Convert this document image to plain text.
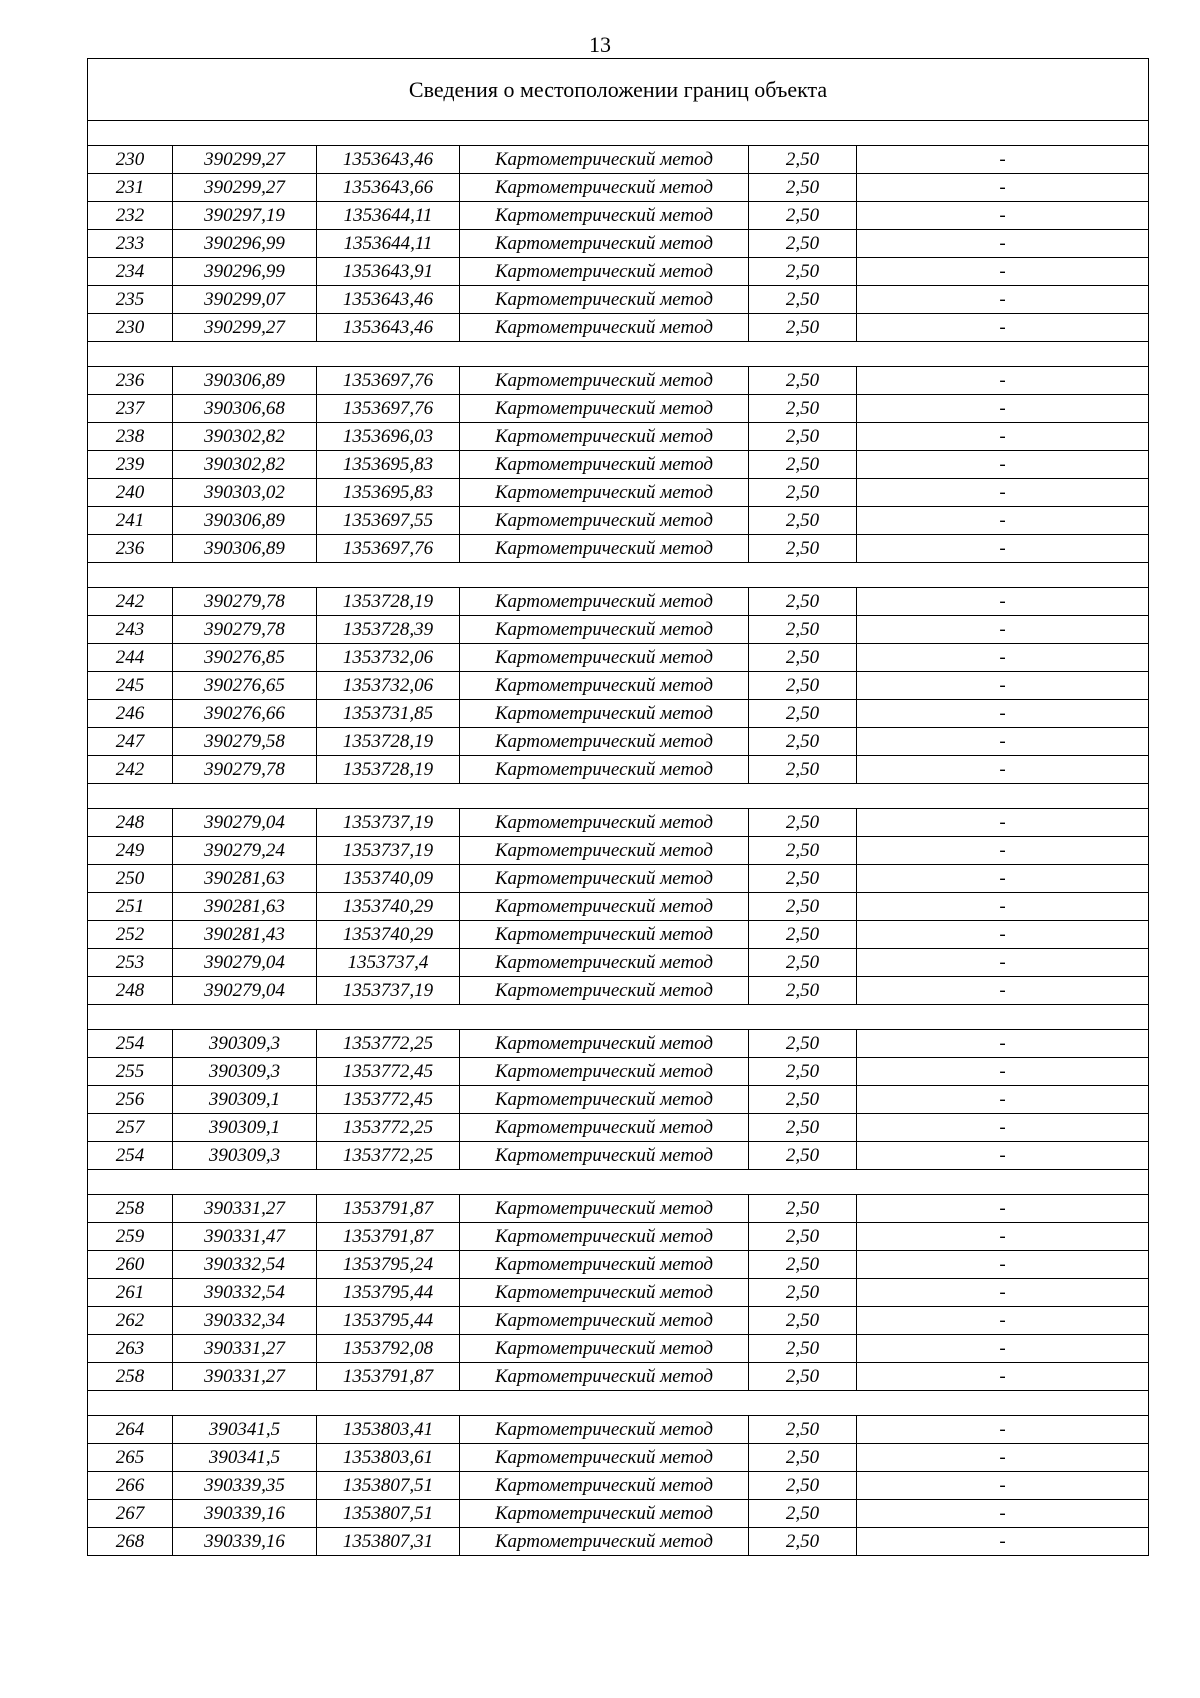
13
Сведения о местоположении границ объекта					

230	390299,27	1353643,46	Картометрический метод	2,50	-
231	390299,27	1353643,66	Картометрический метод	2,50	-
232	390297,19	1353644,11	Картометрический метод	2,50	-
233	390296,99	1353644,11	Картометрический метод	2,50	-
234	390296,99	1353643,91	Картометрический метод	2,50	-
235	390299,07	1353643,46	Картометрический метод	2,50	-
230	390299,27	1353643,46	Картометрический метод	2,50	-

236	390306,89	1353697,76	Картометрический метод	2,50	-
237	390306,68	1353697,76	Картометрический метод	2,50	-
238	390302,82	1353696,03	Картометрический метод	2,50	-
239	390302,82	1353695,83	Картометрический метод	2,50	-
240	390303,02	1353695,83	Картометрический метод	2,50	-
241	390306,89	1353697,55	Картометрический метод	2,50	-
236	390306,89	1353697,76	Картометрический метод	2,50	-

242	390279,78	1353728,19	Картометрический метод	2,50	-
243	390279,78	1353728,39	Картометрический метод	2,50	-
244	390276,85	1353732,06	Картометрический метод	2,50	-
245	390276,65	1353732,06	Картометрический метод	2,50	-
246	390276,66	1353731,85	Картометрический метод	2,50	-
247	390279,58	1353728,19	Картометрический метод	2,50	-
242	390279,78	1353728,19	Картометрический метод	2,50	-

248	390279,04	1353737,19	Картометрический метод	2,50	-
249	390279,24	1353737,19	Картометрический метод	2,50	-
250	390281,63	1353740,09	Картометрический метод	2,50	-
251	390281,63	1353740,29	Картометрический метод	2,50	-
252	390281,43	1353740,29	Картометрический метод	2,50	-
253	390279,04	1353737,4	Картометрический метод	2,50	-
248	390279,04	1353737,19	Картометрический метод	2,50	-

254	390309,3	1353772,25	Картометрический метод	2,50	-
255	390309,3	1353772,45	Картометрический метод	2,50	-
256	390309,1	1353772,45	Картометрический метод	2,50	-
257	390309,1	1353772,25	Картометрический метод	2,50	-
254	390309,3	1353772,25	Картометрический метод	2,50	-

258	390331,27	1353791,87	Картометрический метод	2,50	-
259	390331,47	1353791,87	Картометрический метод	2,50	-
260	390332,54	1353795,24	Картометрический метод	2,50	-
261	390332,54	1353795,44	Картометрический метод	2,50	-
262	390332,34	1353795,44	Картометрический метод	2,50	-
263	390331,27	1353792,08	Картометрический метод	2,50	-
258	390331,27	1353791,87	Картометрический метод	2,50	-

264	390341,5	1353803,41	Картометрический метод	2,50	-
265	390341,5	1353803,61	Картометрический метод	2,50	-
266	390339,35	1353807,51	Картометрический метод	2,50	-
267	390339,16	1353807,51	Картометрический метод	2,50	-
268	390339,16	1353807,31	Картометрический метод	2,50	-
